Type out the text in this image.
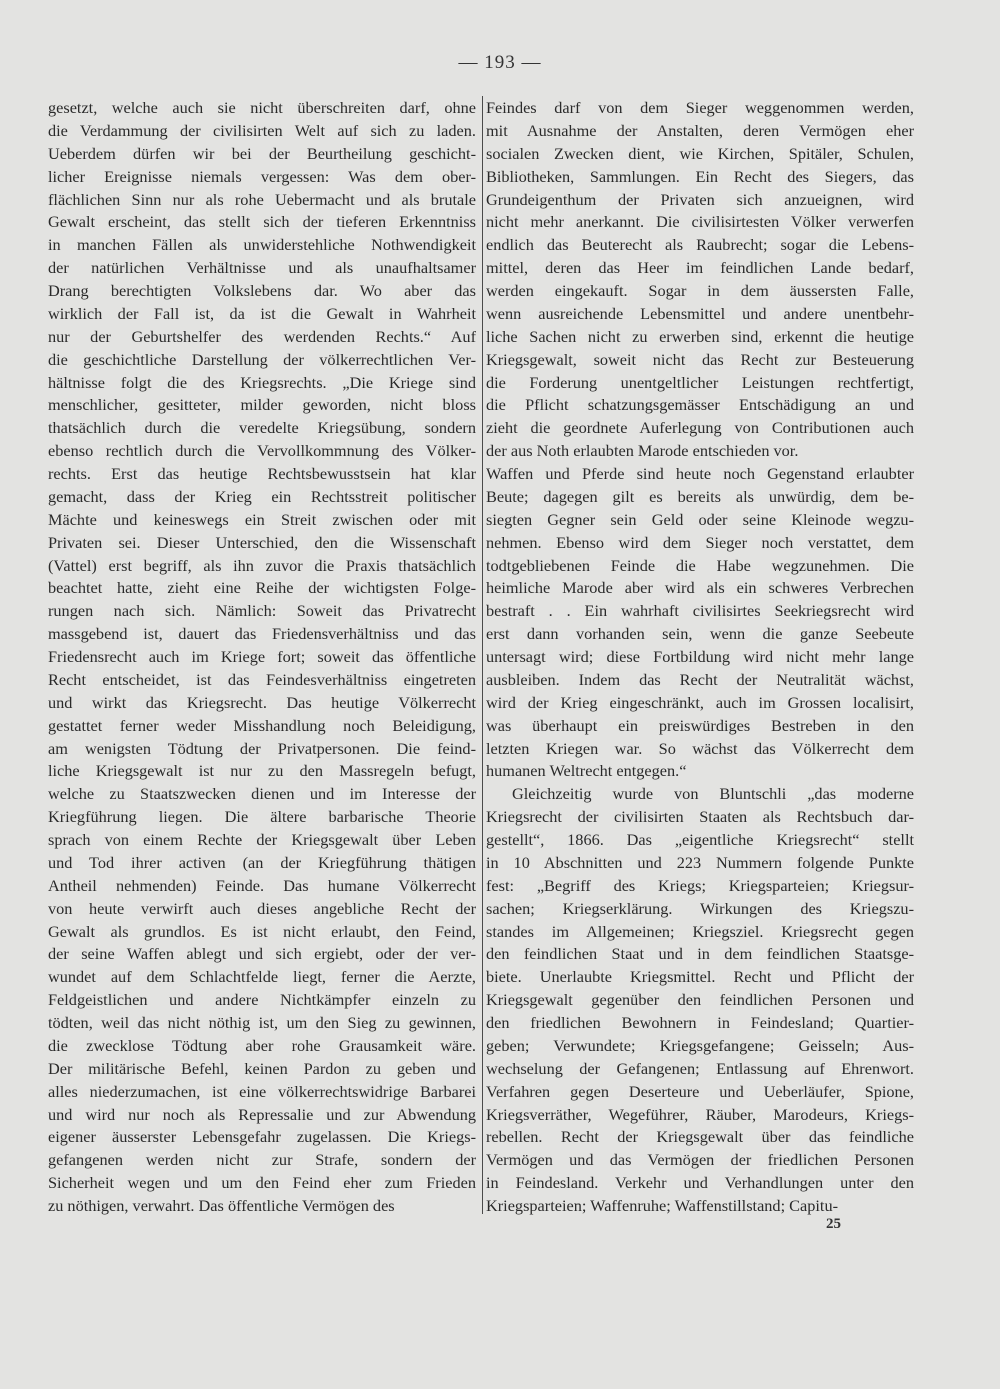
— 193 —
gesetzt, welche auch sie nicht überschreiten darf, ohne
die Verdammung der civilisirten Welt auf sich zu laden.
Ueberdem dürfen wir bei der Beurtheilung geschicht-
licher Ereignisse niemals vergessen: Was dem ober-
flächlichen Sinn nur als rohe Uebermacht und als brutale
Gewalt erscheint, das stellt sich der tieferen Erkenntniss
in manchen Fällen als unwiderstehliche Nothwendigkeit
der natürlichen Verhältnisse und als unaufhaltsamer
Drang berechtigten Volkslebens dar. Wo aber das
wirklich der Fall ist, da ist die Gewalt in Wahrheit
nur der Geburtshelfer des werdenden Rechts.“ Auf
die geschichtliche Darstellung der völkerrechtlichen Ver-
hältnisse folgt die des Kriegsrechts. „Die Kriege sind
menschlicher, gesitteter, milder geworden, nicht bloss
thatsächlich durch die veredelte Kriegsübung, sondern
ebenso rechtlich durch die Vervollkommnung des Völker-
rechts. Erst das heutige Rechtsbewusstsein hat klar
gemacht, dass der Krieg ein Rechtsstreit politischer
Mächte und keineswegs ein Streit zwischen oder mit
Privaten sei. Dieser Unterschied, den die Wissenschaft
(Vattel) erst begriff, als ihn zuvor die Praxis thatsächlich
beachtet hatte, zieht eine Reihe der wichtigsten Folge-
rungen nach sich. Nämlich: Soweit das Privatrecht
massgebend ist, dauert das Friedensverhältniss und das
Friedensrecht auch im Kriege fort; soweit das öffentliche
Recht entscheidet, ist das Feindesverhältniss eingetreten
und wirkt das Kriegsrecht. Das heutige Völkerrecht
gestattet ferner weder Misshandlung noch Beleidigung,
am wenigsten Tödtung der Privatpersonen. Die feind-
liche Kriegsgewalt ist nur zu den Massregeln befugt,
welche zu Staatszwecken dienen und im Interesse der
Kriegführung liegen. Die ältere barbarische Theorie
sprach von einem Rechte der Kriegsgewalt über Leben
und Tod ihrer activen (an der Kriegführung thätigen
Antheil nehmenden) Feinde. Das humane Völkerrecht
von heute verwirft auch dieses angebliche Recht der
Gewalt als grundlos. Es ist nicht erlaubt, den Feind,
der seine Waffen ablegt und sich ergiebt, oder der ver-
wundet auf dem Schlachtfelde liegt, ferner die Aerzte,
Feldgeistlichen und andere Nichtkämpfer einzeln zu
tödten, weil das nicht nöthig ist, um den Sieg zu gewinnen,
die zwecklose Tödtung aber rohe Grausamkeit wäre.
Der militärische Befehl, keinen Pardon zu geben und
alles niederzumachen, ist eine völkerrechtswidrige Barbarei
und wird nur noch als Repressalie und zur Abwendung
eigener äusserster Lebensgefahr zugelassen. Die Kriegs-
gefangenen werden nicht zur Strafe, sondern der
Sicherheit wegen und um den Feind eher zum Frieden
zu nöthigen, verwahrt. Das öffentliche Vermögen des
Feindes darf von dem Sieger weggenommen werden,
mit Ausnahme der Anstalten, deren Vermögen eher
socialen Zwecken dient, wie Kirchen, Spitäler, Schulen,
Bibliotheken, Sammlungen. Ein Recht des Siegers, das
Grundeigenthum der Privaten sich anzueignen, wird
nicht mehr anerkannt. Die civilisirtesten Völker verwerfen
endlich das Beuterecht als Raubrecht; sogar die Lebens-
mittel, deren das Heer im feindlichen Lande bedarf,
werden eingekauft. Sogar in dem äussersten Falle,
wenn ausreichende Lebensmittel und andere unentbehr-
liche Sachen nicht zu erwerben sind, erkennt die heutige
Kriegsgewalt, soweit nicht das Recht zur Besteuerung
die Forderung unentgeltlicher Leistungen rechtfertigt,
die Pflicht schatzungsgemässer Entschädigung an und
zieht die geordnete Auferlegung von Contributionen auch
der aus Noth erlaubten Marode entschieden vor.
Waffen und Pferde sind heute noch Gegenstand erlaubter
Beute; dagegen gilt es bereits als unwürdig, dem be-
siegten Gegner sein Geld oder seine Kleinode wegzu-
nehmen. Ebenso wird dem Sieger noch verstattet, dem
todtgebliebenen Feinde die Habe wegzunehmen. Die
heimliche Marode aber wird als ein schweres Verbrechen
bestraft . . Ein wahrhaft civilisirtes Seekriegsrecht wird
erst dann vorhanden sein, wenn die ganze Seebeute
untersagt wird; diese Fortbildung wird nicht mehr lange
ausbleiben. Indem das Recht der Neutralität wächst,
wird der Krieg eingeschränkt, auch im Grossen localisirt,
was überhaupt ein preiswürdiges Bestreben in den
letzten Kriegen war. So wächst das Völkerrecht dem
humanen Weltrecht entgegen.“
Gleichzeitig wurde von Bluntschli „das moderne
Kriegsrecht der civilisirten Staaten als Rechtsbuch dar-
gestellt“, 1866. Das „eigentliche Kriegsrecht“ stellt
in 10 Abschnitten und 223 Nummern folgende Punkte
fest: „Begriff des Kriegs; Kriegsparteien; Kriegsur-
sachen; Kriegserklärung. Wirkungen des Kriegszu-
standes im Allgemeinen; Kriegsziel. Kriegsrecht gegen
den feindlichen Staat und in dem feindlichen Staatsge-
biete. Unerlaubte Kriegsmittel. Recht und Pflicht der
Kriegsgewalt gegenüber den feindlichen Personen und
den friedlichen Bewohnern in Feindesland; Quartier-
geben; Verwundete; Kriegsgefangene; Geisseln; Aus-
wechselung der Gefangenen; Entlassung auf Ehrenwort.
Verfahren gegen Deserteure und Ueberläufer, Spione,
Kriegsverräther, Wegeführer, Räuber, Marodeurs, Kriegs-
rebellen. Recht der Kriegsgewalt über das feindliche
Vermögen und das Vermögen der friedlichen Personen
in Feindesland. Verkehr und Verhandlungen unter den
Kriegsparteien; Waffenruhe; Waffenstillstand; Capitu-
25
